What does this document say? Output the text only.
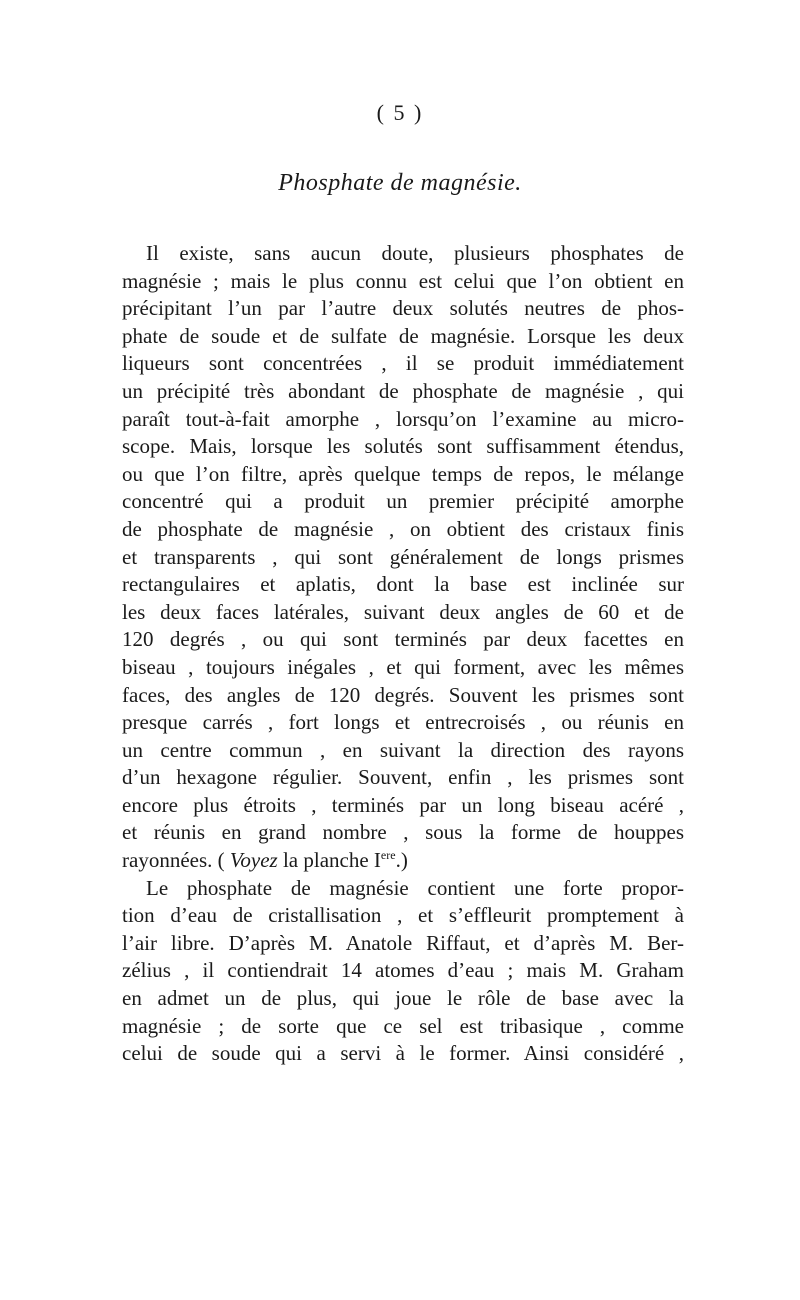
( 5 )
Phosphate de magnésie.
Il existe, sans aucun doute, plusieurs phosphates de
magnésie ; mais le plus connu est celui que l’on obtient en
précipitant l’un par l’autre deux solutés neutres de phos-
phate de soude et de sulfate de magnésie. Lorsque les deux
liqueurs sont concentrées , il se produit immédiatement
un précipité très abondant de phosphate de magnésie , qui
paraît tout-à-fait amorphe , lorsqu’on l’examine au micro-
scope. Mais, lorsque les solutés sont suffisamment étendus,
ou que l’on filtre, après quelque temps de repos, le mélange
concentré qui a produit un premier précipité amorphe
de phosphate de magnésie , on obtient des cristaux finis
et transparents , qui sont généralement de longs prismes
rectangulaires et aplatis, dont la base est inclinée sur
les deux faces latérales, suivant deux angles de 60 et de
120 degrés , ou qui sont terminés par deux facettes en
biseau , toujours inégales , et qui forment, avec les mêmes
faces, des angles de 120 degrés. Souvent les prismes sont
presque carrés , fort longs et entrecroisés , ou réunis en
un centre commun , en suivant la direction des rayons
d’un hexagone régulier. Souvent, enfin , les prismes sont
encore plus étroits , terminés par un long biseau acéré ,
et réunis en grand nombre , sous la forme de houppes
rayonnées. ( Voyez la planche Iere.)
Le phosphate de magnésie contient une forte propor-
tion d’eau de cristallisation , et s’effleurit promptement à
l’air libre. D’après M. Anatole Riffaut, et d’après M. Ber-
zélius , il contiendrait 14 atomes d’eau ; mais M. Graham
en admet un de plus, qui joue le rôle de base avec la
magnésie ; de sorte que ce sel est tribasique , comme
celui de soude qui a servi à le former. Ainsi considéré ,
